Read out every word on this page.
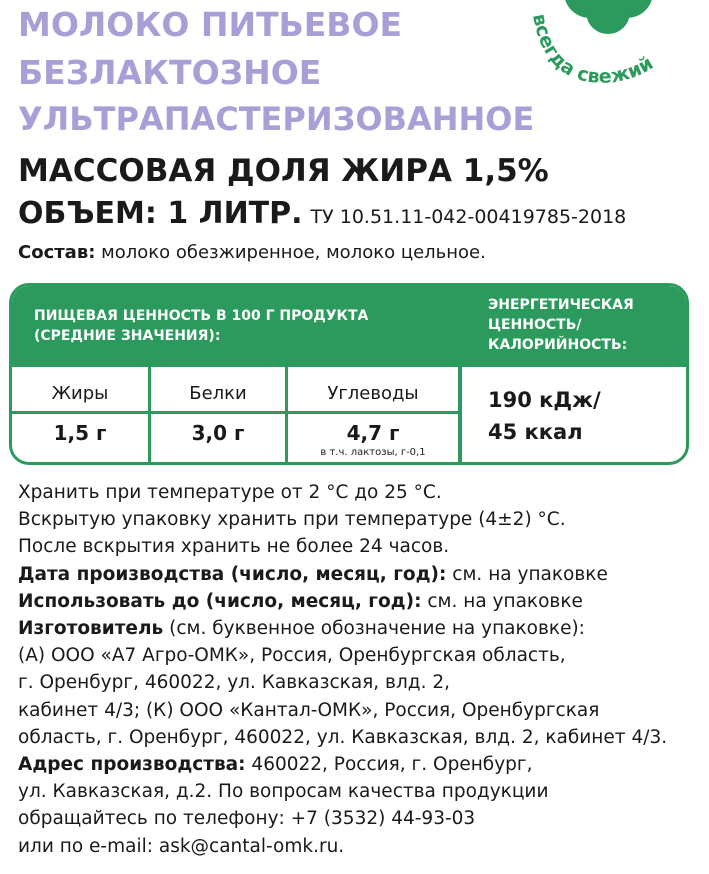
МОЛОКО ПИТЬЕВОЕ
БЕЗЛАКТОЗНОЕ
УЛЬТРАПАСТЕРИЗОВАННОЕ
всегда свежий
МАССОВАЯ ДОЛЯ ЖИРА 1,5%
ОБЪЕМ: 1 ЛИТР. ТУ 10.51.11-042-00419785-2018
Состав: молоко обезжиренное, молоко цельное.
ПИЩЕВАЯ ЦЕННОСТЬ В 100 Г ПРОДУКТА
(СРЕДНИЕ ЗНАЧЕНИЯ):
ЭНЕРГЕТИЧЕСКАЯ
ЦЕННОСТЬ/
КАЛОРИЙНОСТЬ:
Жиры	Белки	Углеводы
1,5 г	3,0 г	4,7 г
в т.ч. лактозы, г-0,1
190 кДж/
45 ккал
Хранить при температуре от 2 °С до 25 °С.
Вскрытую упаковку хранить при температуре (4±2) °С.
После вскрытия хранить не более 24 часов.
Дата производства (число, месяц, год): см. на упаковке
Использовать до (число, месяц, год): см. на упаковке
Изготовитель (см. буквенное обозначение на упаковке):
(А) ООО «А7 Агро-ОМК», Россия, Оренбургская область,
г. Оренбург, 460022, ул. Кавказская, влд. 2,
кабинет 4/3; (К) ООО «Кантал-ОМК», Россия, Оренбургская
область, г. Оренбург, 460022, ул. Кавказская, влд. 2, кабинет 4/3.
Адрес производства: 460022, Россия, г. Оренбург,
ул. Кавказская, д.2. По вопросам качества продукции
обращайтесь по телефону: +7 (3532) 44-93-03
или по e-mail: ask@cantal-omk.ru.
